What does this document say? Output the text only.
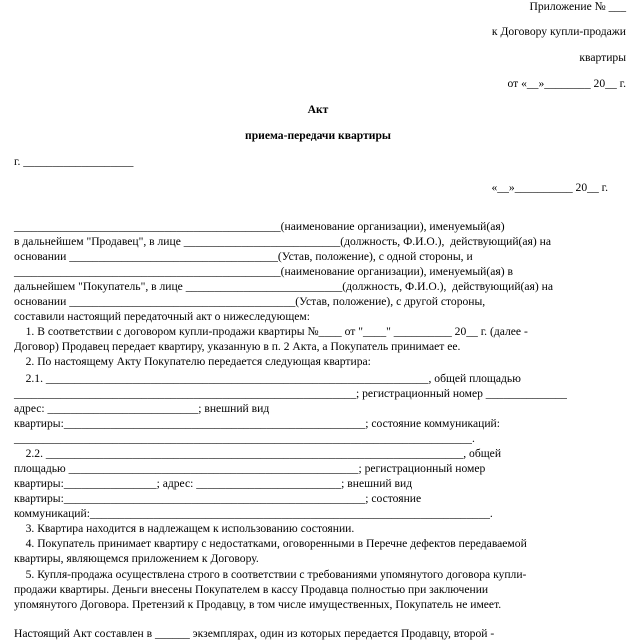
Приложение № ___
к Договору купли-продажи
квартиры
от «__»________ 20__ г.
Акт
приема-передачи квартиры
г. ___________________
«__»__________ 20__ г.
______________________________________________(наименование организации), именуемый(ая)
в дальнейшем "Продавец", в лице ___________________________(должность, Ф.И.О.),  действующий(ая) на
основании ____________________________________(Устав, положение), с одной стороны, и
______________________________________________(наименование организации), именуемый(ая) в
дальнейшем "Покупатель", в лице ___________________________(должность, Ф.И.О.),  действующий(ая) на
основании _______________________________________(Устав, положение), с другой стороны,
составили настоящий передаточный акт о нижеследующем:
1. В соответствии с договором купли-продажи квартиры №____ от "____" __________ 20__ г. (далее -
Договор) Продавец передает квартиру, указанную в п. 2 Акта, а Покупатель принимает ее.
2. По настоящему Акту Покупателю передается следующая квартира:
2.1. __________________________________________________________________, общей площадью
___________________________________________________________; регистрационный номер ______________
адрес: __________________________; внешний вид
квартиры:____________________________________________________; состояние коммуникаций:
_______________________________________________________________________________.
2.2. ________________________________________________________________________, общей
площадью __________________________________________________; регистрационный номер
квартиры:________________; адрес: _________________________; внешний вид
квартиры:____________________________________________________; состояние
коммуникаций:_____________________________________________________________________.
3. Квартира находится в надлежащем к использованию состоянии.
4. Покупатель принимает квартиру с недостатками, оговоренными в Перечне дефектов передаваемой
квартиры, являющемся приложением к Договору.
5. Купля-продажа осуществлена строго в соответствии с требованиями упомянутого договора купли-
продажи квартиры. Деньги внесены Покупателем в кассу Продавца полностью при заключении
упомянутого Договора. Претензий к Продавцу, в том числе имущественных, Покупатель не имеет.
Настоящий Акт составлен в ______ экземплярах, один из которых передается Продавцу, второй -
